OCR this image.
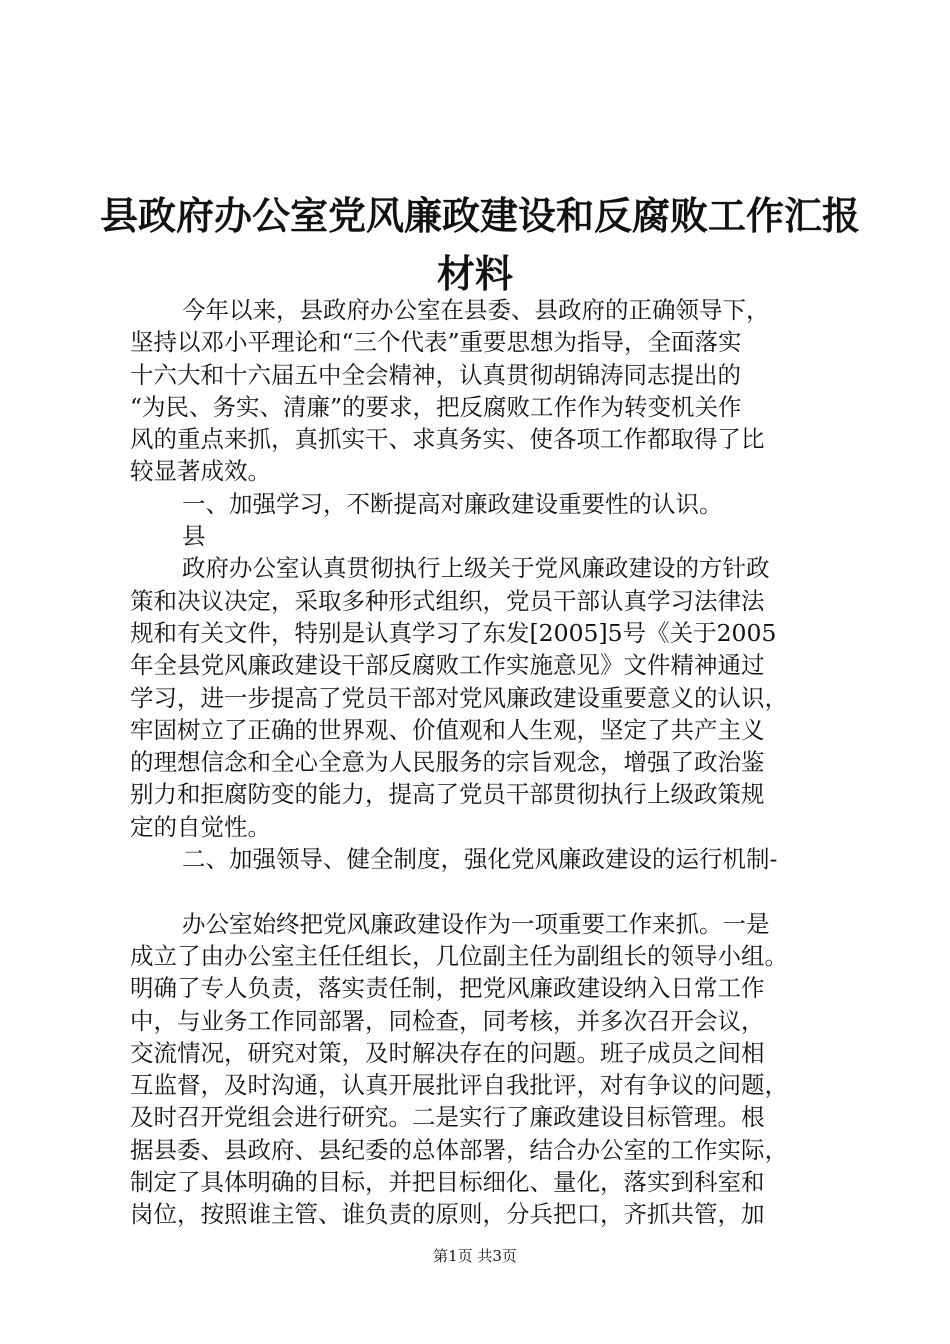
县政府办公室党风廉政建设和反腐败工作汇报
材料
今年以来，县政府办公室在县委、县政府的正确领导下，
坚持以邓小平理论和“三个代表”重要思想为指导，全面落实
十六大和十六届五中全会精神，认真贯彻胡锦涛同志提出的
“为民、务实、清廉”的要求，把反腐败工作作为转变机关作
风的重点来抓，真抓实干、求真务实、使各项工作都取得了比
较显著成效。
一、加强学习，不断提高对廉政建设重要性的认识。
县
政府办公室认真贯彻执行上级关于党风廉政建设的方针政
策和决议决定，采取多种形式组织，党员干部认真学习法律法
规和有关文件，特别是认真学习了东发[2005]5号《关于2005
年全县党风廉政建设干部反腐败工作实施意见》文件精神通过
学习，进一步提高了党员干部对党风廉政建设重要意义的认识，
牢固树立了正确的世界观、价值观和人生观，坚定了共产主义
的理想信念和全心全意为人民服务的宗旨观念，增强了政治鉴
别力和拒腐防变的能力，提高了党员干部贯彻执行上级政策规
定的自觉性。
二、加强领导、健全制度，强化党风廉政建设的运行机制-
办公室始终把党风廉政建设作为一项重要工作来抓。一是
成立了由办公室主任任组长，几位副主任为副组长的领导小组。
明确了专人负责，落实责任制，把党风廉政建设纳入日常工作
中，与业务工作同部署，同检查，同考核，并多次召开会议，
交流情况，研究对策，及时解决存在的问题。班子成员之间相
互监督，及时沟通，认真开展批评自我批评，对有争议的问题，
及时召开党组会进行研究。二是实行了廉政建设目标管理。根
据县委、县政府、县纪委的总体部署，结合办公室的工作实际，
制定了具体明确的目标，并把目标细化、量化，落实到科室和
岗位，按照谁主管、谁负责的原则，分兵把口，齐抓共管，加
第1页 共3页
